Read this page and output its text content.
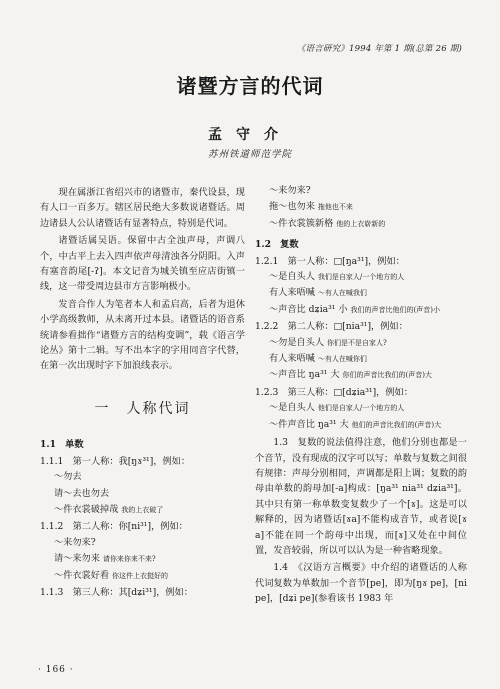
《语言研究》1994 年第 1 期(总第 26 期)
诸暨方言的代词
孟守介
苏州铁道师范学院

现在属浙江省绍兴市的诸暨市，秦代设县，现有人口一百多万。辖区居民绝大多数说诸暨话。周边诸县人公认诸暨话有显著特点，特别是代词。

诸暨话属吴语。保留中古全浊声母，声调八个，中古平上去入四声依声母清浊各分阴阳。入声有塞音韵尾[-ʔ]。本文记音为城关镇至应店街镇一线，这一带受周边县市方言影响极小。

发音合作人为笔者本人和孟启高，后者为退休小学高级教师，从未离开过本县。诸暨话的语音系统请参看拙作“诸暨方言的结构变调”，载《语言学论丛》第十二辑。写不出本字的字用同音字代替，在第一次出现时字下加浪线表示。

一　人称代词

1.1　单数

1.1.1　第一人称：我[ŋɤ³¹]，例如：

～勿去

请～去也勿去

～件衣裳破掉哉 我的上衣破了

1.1.2　第二人称：你[ni³¹]，例如：

～来勿来?

请～来勿来 请你来你来不来?

～件衣裳好看 你这件上衣挺好的

1.1.3　第三人称：其[dʑi³¹]，例如：

～来勿来?

拖～也勿来 拖他也不来

～件衣裳簇新格 他的上衣崭新的

1.2　复数

1.2.1　第一人称：□[ŋa³¹]，例如：

～是自头人 我们是自家人/一个地方的人

有人来唔喊 ～有人在喊我们

～声音比 dʑia³¹ 小 我们的声音比他们的(声音)小

1.2.2　第二人称：□[nia³¹]，例如：

～勿是自头人 你们是不是自家人?

有人来唔喊 ～有人在喊你们

～声音比 ŋa³¹ 大 你们的声音比我们的(声音)大

1.2.3　第三人称：□[dʑia³¹]，例如：

～是自头人 他们是自家人/一个地方的人

～件声音比 ŋa³¹ 大 他们的声音比我们的(声音)大

1.3　复数的说法值得注意，他们分别也都是一个音节，没有现成的汉字可以写；单数与复数之间很有规律：声母分别相同，声调都是阳上调；复数的韵母由单数的韵母加[-a]构成：[ŋa³¹ nia³¹ dʑia³¹]。其中只有第一称单数变复数少了一个[ɤ]。这是可以解释的，因为诸暨话[ɤa]不能构成音节，或者说[ɤ a]不能在同一个韵母中出现，而[ɤ]又处在中间位置，发音较弱，所以可以认为是一种省略现象。

1.4　《汉语方言概要》中介绍的诸暨话的人称代词复数为单数加一个音节[pe]，即为[ŋɤ pe]，[ni pe]，[dʑi pe](参看该书 1983 年

· 166 ·
